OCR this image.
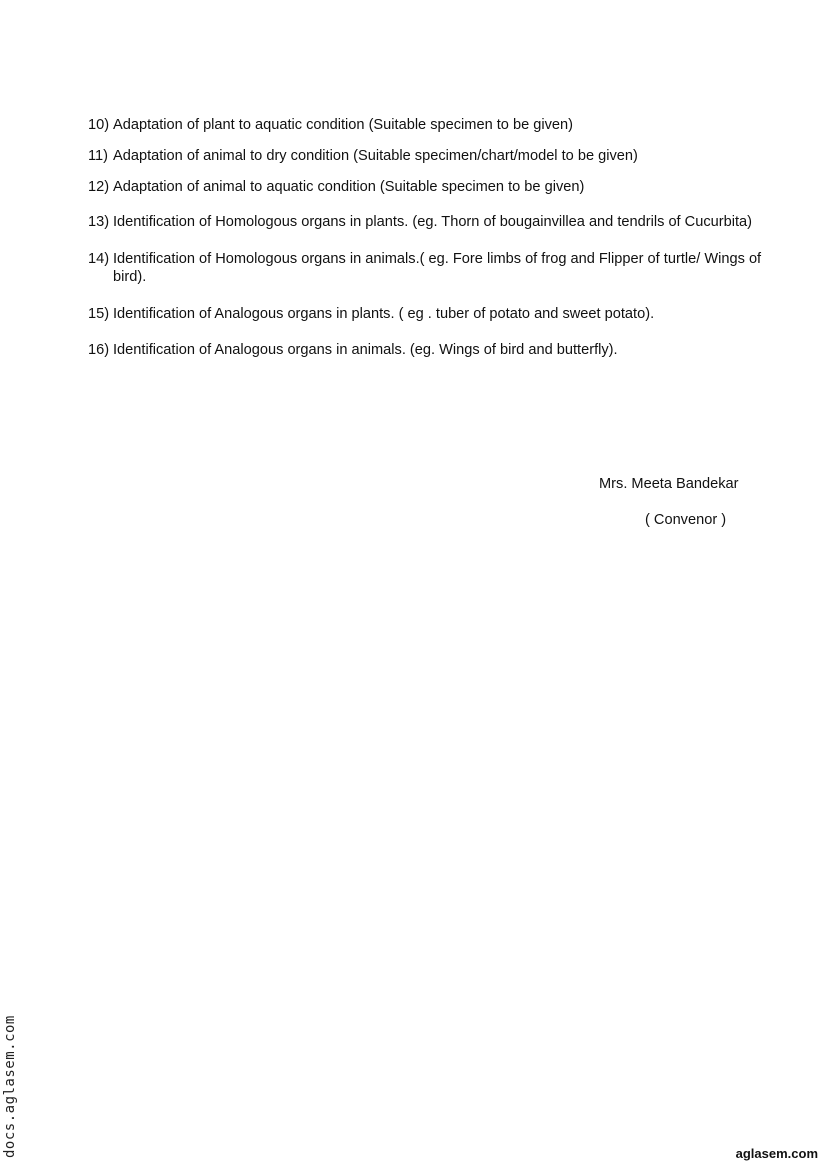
10) Adaptation of plant to aquatic condition (Suitable specimen to be given)
11) Adaptation of animal to dry condition (Suitable specimen/chart/model to be given)
12) Adaptation of animal to aquatic condition (Suitable specimen to be given)
13) Identification of Homologous organs in plants. (eg. Thorn of bougainvillea and tendrils of Cucurbita)
14) Identification of Homologous organs in animals.( eg. Fore limbs of frog and Flipper of turtle/ Wings of bird).
15) Identification of Analogous organs in plants. ( eg . tuber of potato and sweet potato).
16) Identification of Analogous organs in animals. (eg. Wings of bird and butterfly).
Mrs. Meeta Bandekar
( Convenor )
docs.aglasem.com	aglasem.com
